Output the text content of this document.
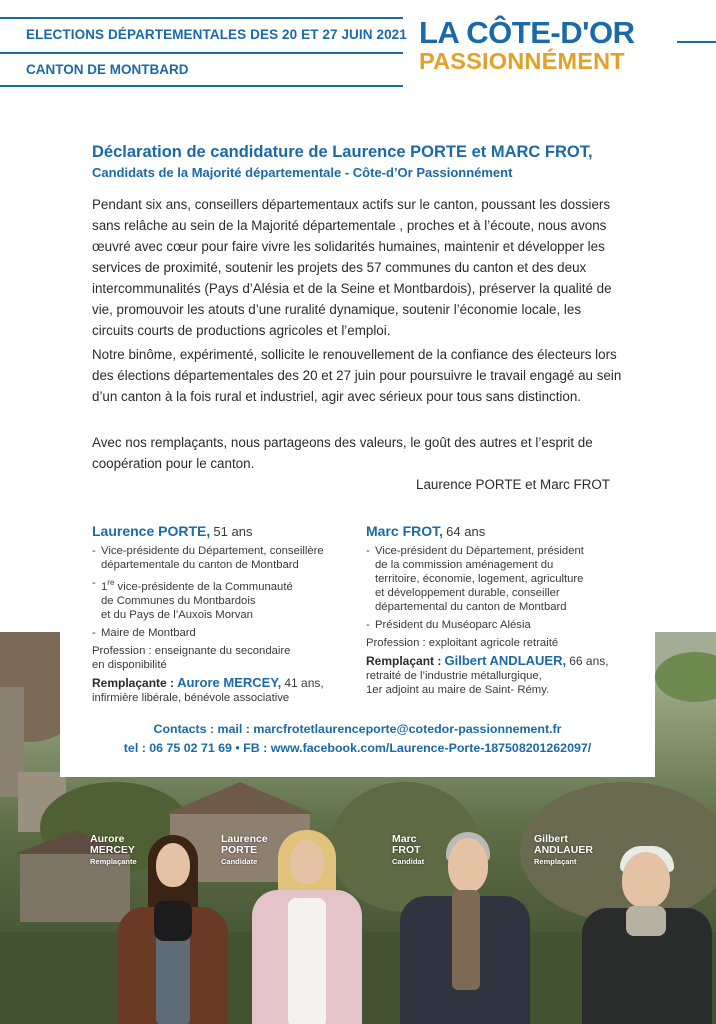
ELECTIONS DÉPARTEMENTALES DES 20 ET 27 JUIN 2021
CANTON DE MONTBARD
LA CÔTE-D'OR
PASSIONNÉMENT
Déclaration de candidature de Laurence PORTE et MARC FROT,
Candidats de la Majorité départementale - Côte-d’Or Passionnément
Pendant six ans, conseillers départementaux actifs sur le canton, poussant les dossiers sans relâche au sein de la Majorité départementale , proches et à l’écoute, nous avons œuvré avec cœur pour faire vivre les solidarités humaines, maintenir et développer les services de proximité, soutenir les projets des 57 communes du canton et des deux intercommunalités (Pays d’Alésia et de la Seine et Montbardois), préserver la qualité de vie, promouvoir les atouts d’une ruralité dynamique, soutenir l’économie locale, les circuits courts de productions agricoles et l’emploi.
Notre binôme, expérimenté, sollicite le renouvellement de la confiance des électeurs lors des élections départementales des 20 et 27 juin pour poursuivre le travail engagé au sein d’un canton à la fois rural et industriel, agir avec sérieux pour tous sans distinction.
Avec nos remplaçants, nous partageons des valeurs, le goût des autres et l’esprit de coopération pour le canton.
Laurence PORTE et Marc FROT
Aurore
MERCEY
Remplaçante
Laurence
PORTE
Candidate
Marc
FROT
Candidat
Gilbert
ANDLAUER
Remplaçant
Laurence PORTE, 51 ans
- Vice-présidente du Département, conseillère
départementale du canton de Montbard
- 1re vice-présidente de la Communauté
de Communes du Montbardois
et du Pays de l’Auxois Morvan
- Maire de Montbard
Profession : enseignante du secondaire
en disponibilité
Remplaçante : Aurore MERCEY, 41 ans,
infirmière libérale, bénévole associative
Marc FROT, 64 ans
- Vice-président du Département, président
de la commission aménagement du
territoire, économie, logement, agriculture
et développement durable, conseiller
départemental du canton de Montbard
- Président du Muséoparc Alésia
Profession : exploitant agricole retraité
Remplaçant : Gilbert ANDLAUER, 66 ans,
retraité de l’industrie métallurgique,
1er adjoint au maire de Saint- Rémy.
Contacts : mail : marcfrotetlaurenceporte@cotedor-passionnement.fr
tel : 06 75 02 71 69 • FB : www.facebook.com/Laurence-Porte-187508201262097/
